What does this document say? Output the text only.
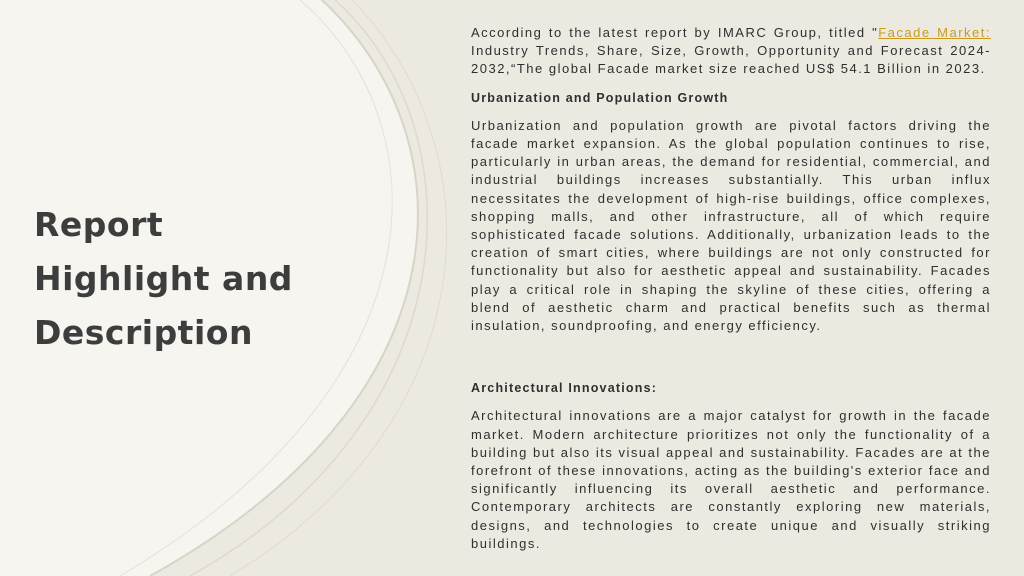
Report
Highlight and
Description

According to the latest report by IMARC Group, titled "Facade Market: Industry Trends, Share, Size, Growth, Opportunity and Forecast 2024-2032,“The global Facade market size reached US$ 54.1 Billion in 2023.

Urbanization and Population Growth

Urbanization and population growth are pivotal factors driving the facade market expansion. As the global population continues to rise, particularly in urban areas, the demand for residential, commercial, and industrial buildings increases substantially. This urban influx necessitates the development of high-rise buildings, office complexes, shopping malls, and other infrastructure, all of which require sophisticated facade solutions. Additionally, urbanization leads to the creation of smart cities, where buildings are not only constructed for functionality but also for aesthetic appeal and sustainability. Facades play a critical role in shaping the skyline of these cities, offering a blend of aesthetic charm and practical benefits such as thermal insulation, soundproofing, and energy efficiency.

Architectural Innovations:

Architectural innovations are a major catalyst for growth in the facade market. Modern architecture prioritizes not only the functionality of a building but also its visual appeal and sustainability. Facades are at the forefront of these innovations, acting as the building's exterior face and significantly influencing its overall aesthetic and performance. Contemporary architects are constantly exploring new materials, designs, and technologies to create unique and visually striking buildings.
